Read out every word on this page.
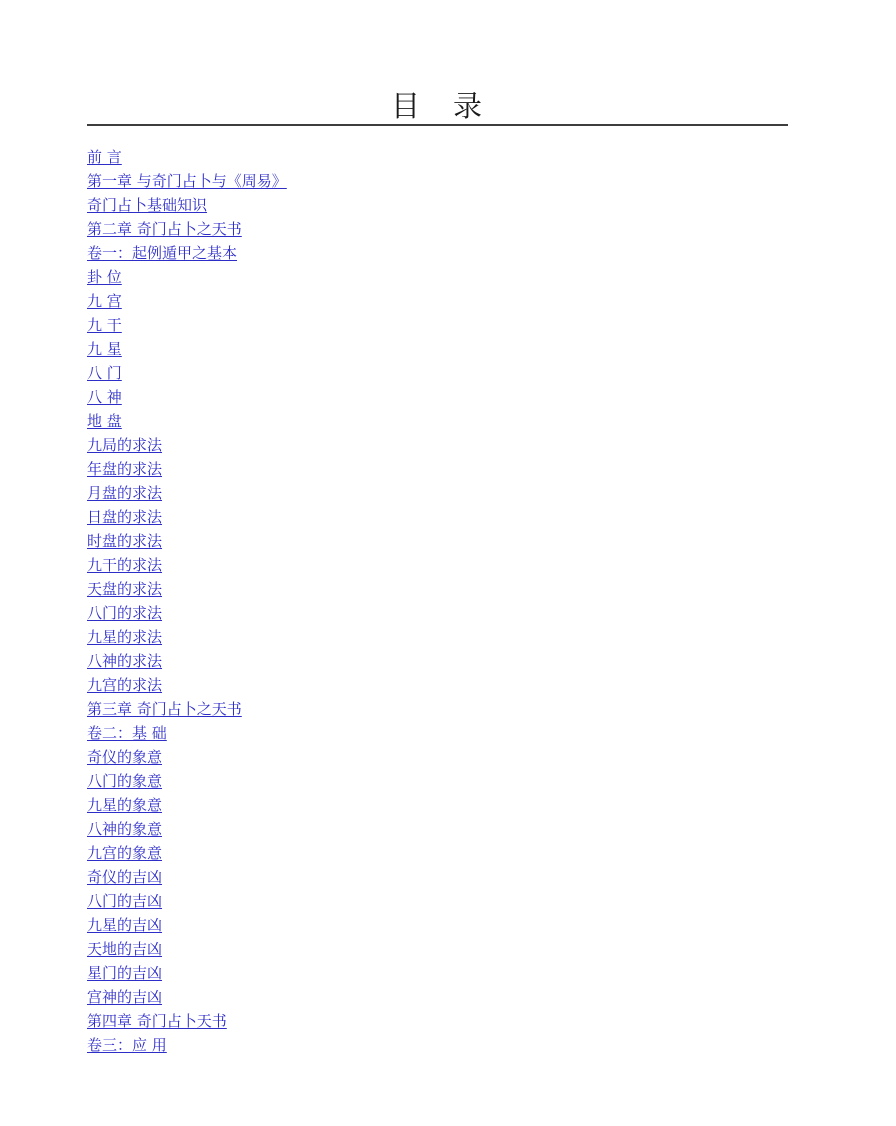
目　录
前 言
第一章 与奇门占卜与《周易》
奇门占卜基础知识
第二章 奇门占卜之天书
卷一：起例遁甲之基本
卦 位
九 宫
九 干
九 星
八 门
八 神
地 盘
九局的求法
年盘的求法
月盘的求法
日盘的求法
时盘的求法
九干的求法
天盘的求法
八门的求法
九星的求法
八神的求法
九宫的求法
第三章 奇门占卜之天书
卷二：基 础
奇仪的象意
八门的象意
九星的象意
八神的象意
九宫的象意
奇仪的吉凶
八门的吉凶
九星的吉凶
天地的吉凶
星门的吉凶
宫神的吉凶
第四章 奇门占卜天书
卷三：应 用
